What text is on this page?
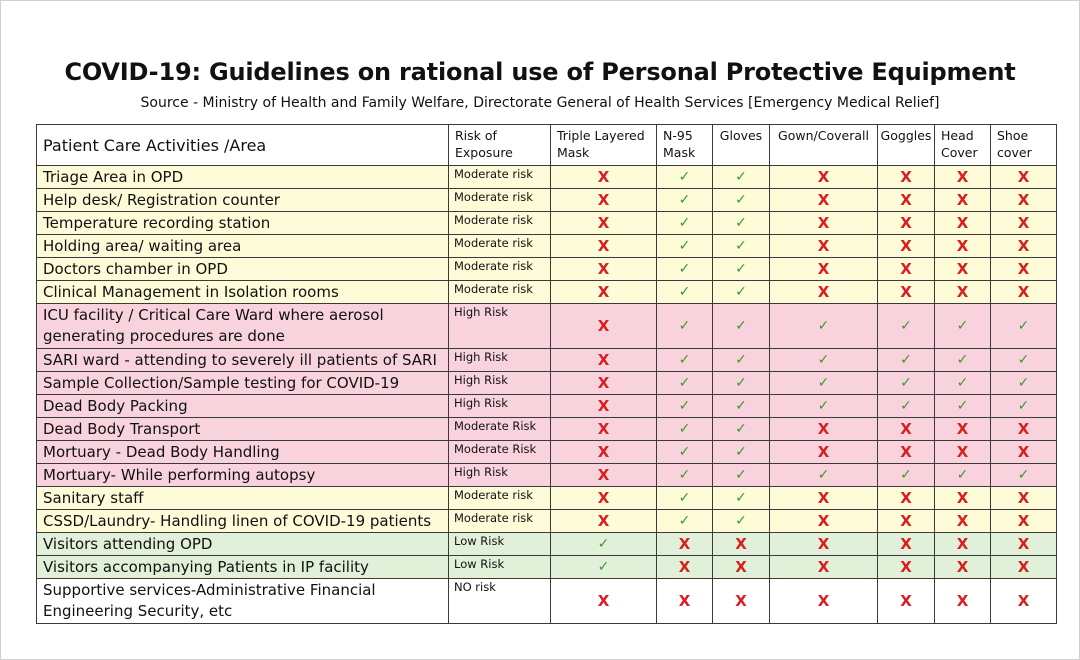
COVID-19: Guidelines on rational use of Personal Protective Equipment
Source - Ministry of Health and Family Welfare, Directorate General of Health Services [Emergency Medical Relief]
Patient Care Activities /Area	Risk of Exposure	Triple Layered Mask	N-95 Mask	Gloves	Gown/Coverall	Goggles	Head Cover	Shoe cover
Triage Area in OPD	Moderate risk	X	✓	✓	X	X	X	X
Help desk/ Registration counter	Moderate risk	X	✓	✓	X	X	X	X
Temperature recording station	Moderate risk	X	✓	✓	X	X	X	X
Holding area/ waiting area	Moderate risk	X	✓	✓	X	X	X	X
Doctors chamber in OPD	Moderate risk	X	✓	✓	X	X	X	X
Clinical Management in Isolation rooms	Moderate risk	X	✓	✓	X	X	X	X
ICU facility / Critical Care Ward where aerosol generating procedures are done	High Risk	X	✓	✓	✓	✓	✓	✓
SARI ward - attending to severely ill patients of SARI	High Risk	X	✓	✓	✓	✓	✓	✓
Sample Collection/Sample testing for COVID-19	High Risk	X	✓	✓	✓	✓	✓	✓
Dead Body Packing	High Risk	X	✓	✓	✓	✓	✓	✓
Dead Body Transport	Moderate Risk	X	✓	✓	X	X	X	X
Mortuary - Dead Body Handling	Moderate Risk	X	✓	✓	X	X	X	X
Mortuary- While performing autopsy	High Risk	X	✓	✓	✓	✓	✓	✓
Sanitary staff	Moderate risk	X	✓	✓	X	X	X	X
CSSD/Laundry- Handling linen of COVID-19 patients	Moderate risk	X	✓	✓	X	X	X	X
Visitors attending OPD	Low Risk	✓	X	X	X	X	X	X
Visitors accompanying Patients in IP facility	Low Risk	✓	X	X	X	X	X	X
Supportive services-Administrative Financial Engineering Security, etc	NO risk	X	X	X	X	X	X	X
